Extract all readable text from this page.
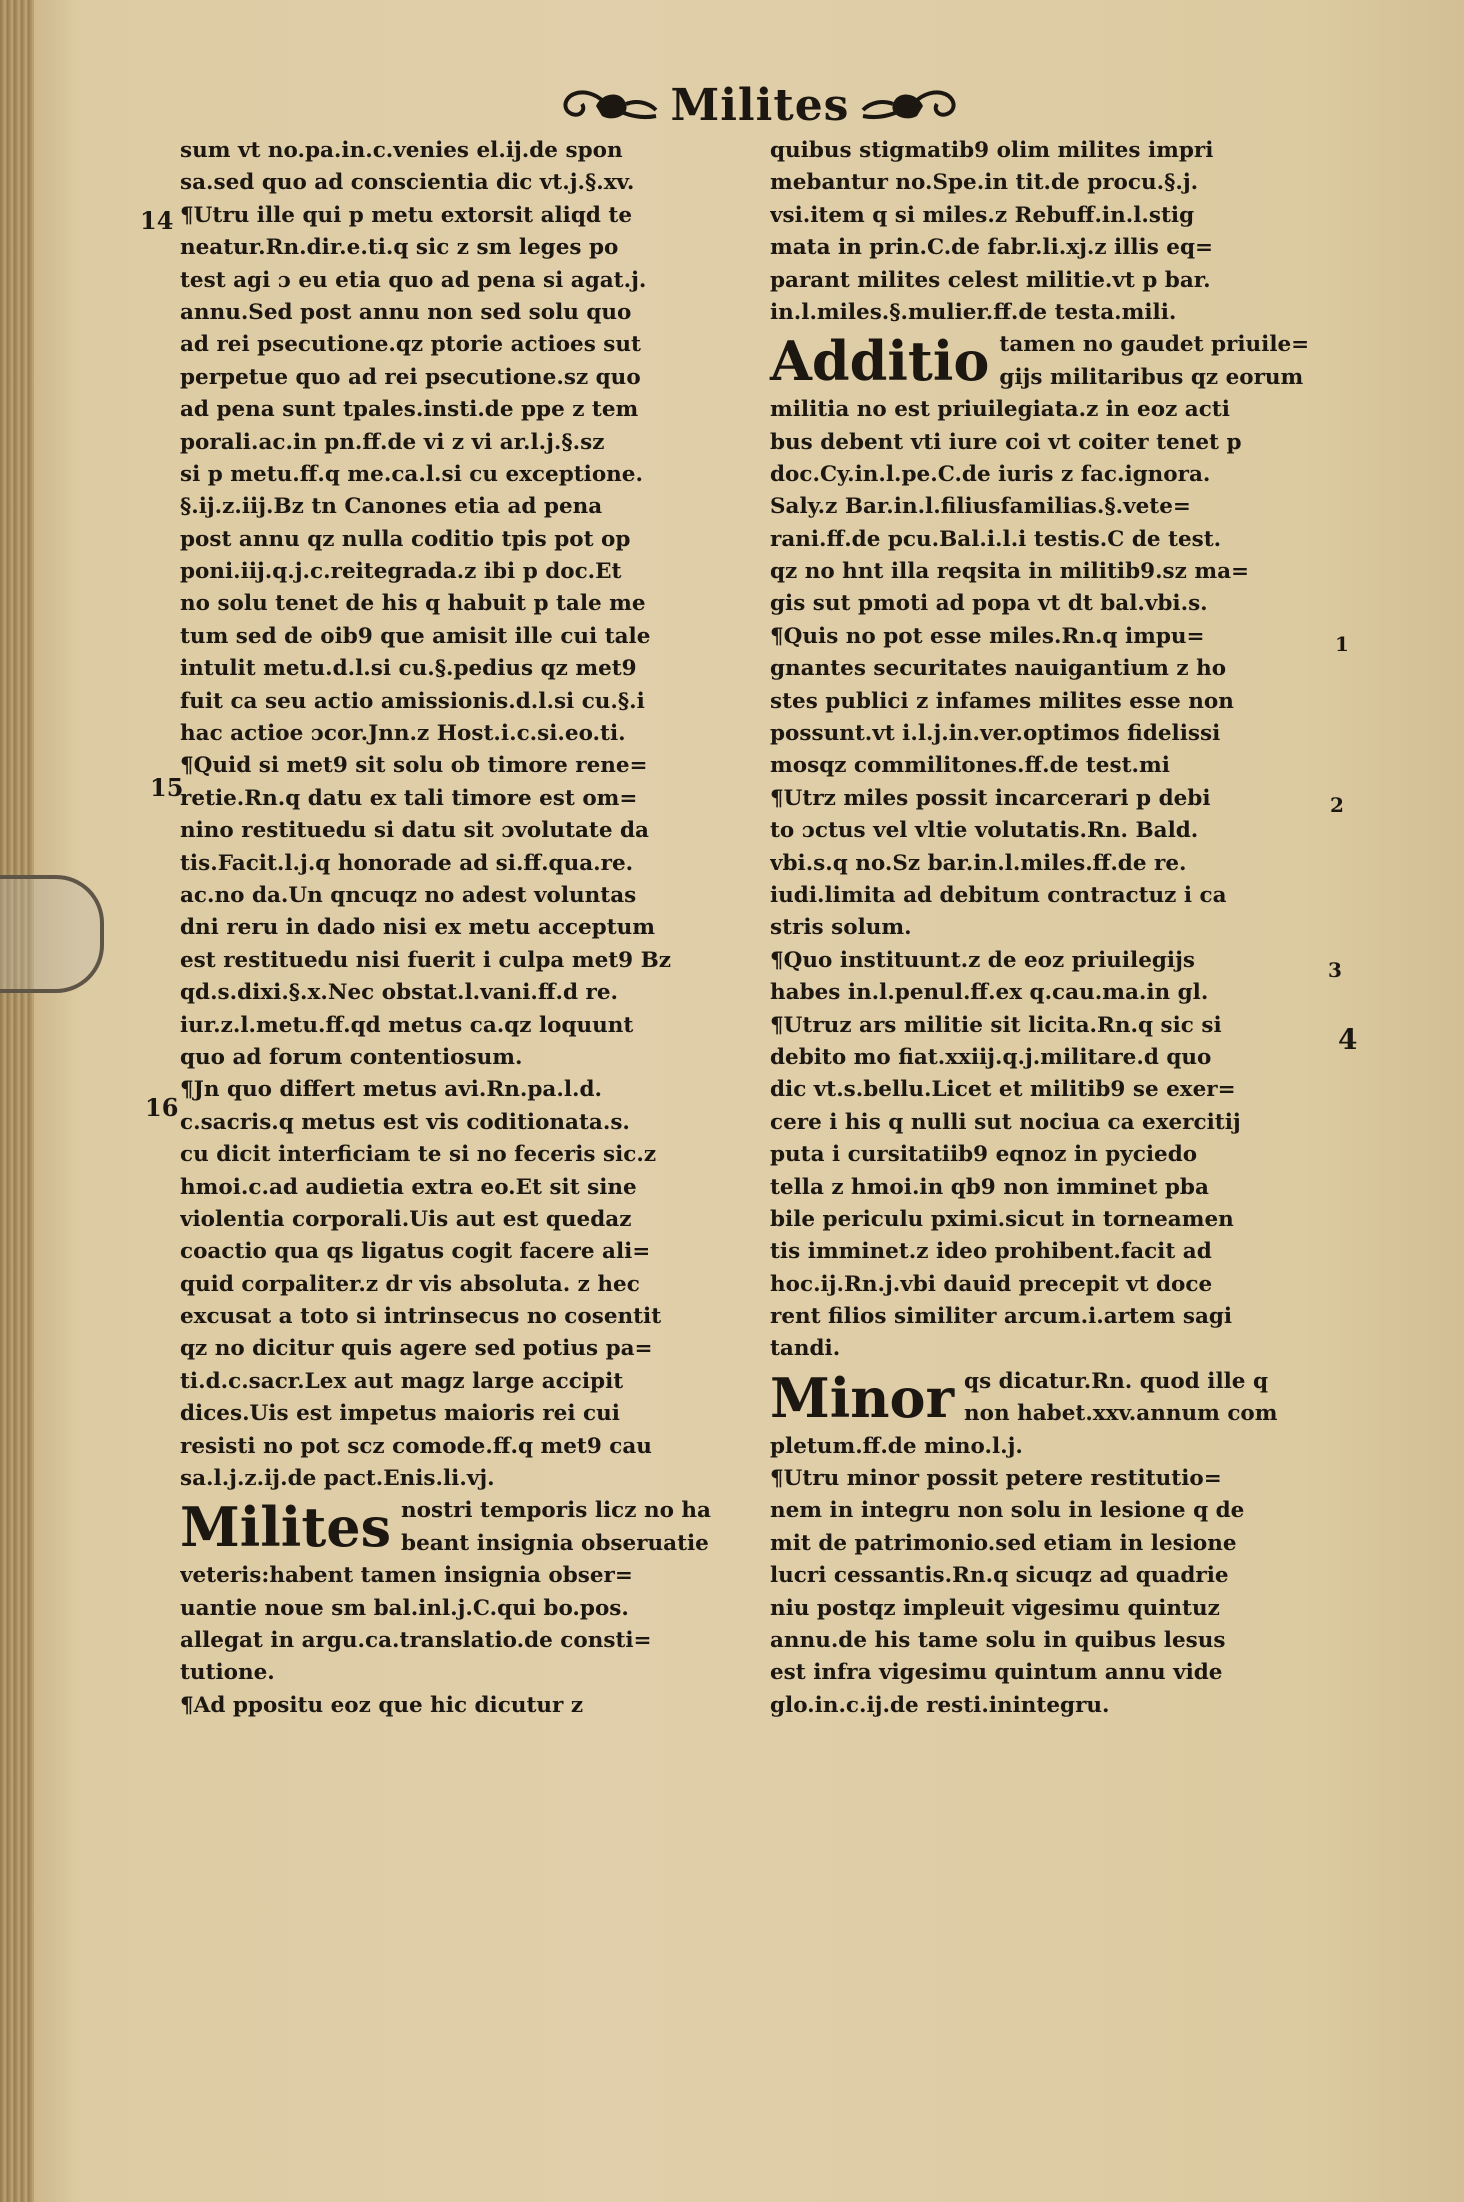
Milites
14
15
16
1
2
3
4
sum vt no.pa.in.c.venies el.ij.de spon
sa.sed quo ad conscientia dic vt.j.§.xv.
¶Utru ille qui p metu extorsit aliqd te
neatur.Rn.dir.e.ti.q sic z sm leges po
test agi ɔ eu etia quo ad pena si agat.j.
annu.Sed post annu non sed solu quo
ad rei psecutione.qz ptorie actioes sut
perpetue quo ad rei psecutione.sz quo
ad pena sunt tpales.insti.de ppe z tem
porali.ac.in pn.ff.de vi z vi ar.l.j.§.sz
si p metu.ff.q me.ca.l.si cu exceptione.
§.ij.z.iij.Bz tn Canones etia ad pena
post annu qz nulla coditio tpis pot op
poni.iij.q.j.c.reitegrada.z ibi p doc.Et
no solu tenet de his q habuit p tale me
tum sed de oib9 que amisit ille cui tale
intulit metu.d.l.si cu.§.pedius qz met9
fuit ca seu actio amissionis.d.l.si cu.§.i
hac actioe ɔcor.Jnn.z Host.i.c.si.eo.ti.
¶Quid si met9 sit solu ob timore rene=
retie.Rn.q datu ex tali timore est om=
nino restituedu si datu sit ɔvolutate da
tis.Facit.l.j.q honorade ad si.ff.qua.re.
ac.no da.Un qncuqz no adest voluntas
dni reru in dado nisi ex metu acceptum
est restituedu nisi fuerit i culpa met9 Bz
qd.s.dixi.§.x.Nec obstat.l.vani.ff.d re.
iur.z.l.metu.ff.qd metus ca.qz loquunt
quo ad forum contentiosum.
¶Jn quo differt metus avi.Rn.pa.l.d.
c.sacris.q metus est vis coditionata.s.
cu dicit interficiam te si no feceris sic.z
hmoi.c.ad audietia extra eo.Et sit sine
violentia corporali.Uis aut est quedaz
coactio qua qs ligatus cogit facere ali=
quid corpaliter.z dr vis absoluta. z hec
excusat a toto si intrinsecus no cosentit
qz no dicitur quis agere sed potius pa=
ti.d.c.sacr.Lex aut magz large accipit
dices.Uis est impetus maioris rei cui
resisti no pot scz comode.ff.q met9 cau
sa.l.j.z.ij.de pact.Enis.li.vj.
Milites nostri temporis licz no ha
beant insignia obseruatie
veteris:habent tamen insignia obser=
uantie noue sm bal.inl.j.C.qui bo.pos.
allegat in argu.ca.translatio.de consti=
tutione.
¶Ad ppositu eoz que hic dicutur z
quibus stigmatib9 olim milites impri
mebantur no.Spe.in tit.de procu.§.j.
vsi.item q si miles.z Rebuff.in.l.stig
mata in prin.C.de fabr.li.xj.z illis eq=
parant milites celest militie.vt p bar.
in.l.miles.§.mulier.ff.de testa.mili.
Additio tamen no gaudet priuile=
gijs militaribus qz eorum
militia no est priuilegiata.z in eoz acti
bus debent vti iure coi vt coiter tenet p
doc.Cy.in.l.pe.C.de iuris z fac.ignora.
Saly.z Bar.in.l.filiusfamilias.§.vete=
rani.ff.de pcu.Bal.i.l.i testis.C de test.
qz no hnt illa reqsita in militib9.sz ma=
gis sut pmoti ad popa vt dt bal.vbi.s.
¶Quis no pot esse miles.Rn.q impu=
gnantes securitates nauigantium z ho
stes publici z infames milites esse non
possunt.vt i.l.j.in.ver.optimos fidelissi
mosqz commilitones.ff.de test.mi
¶Utrz miles possit incarcerari p debi
to ɔctus vel vltie volutatis.Rn. Bald.
vbi.s.q no.Sz bar.in.l.miles.ff.de re.
iudi.limita ad debitum contractuz i ca
stris solum.
¶Quo instituunt.z de eoz priuilegijs
habes in.l.penul.ff.ex q.cau.ma.in gl.
¶Utruz ars militie sit licita.Rn.q sic si
debito mo fiat.xxiij.q.j.militare.d quo
dic vt.s.bellu.Licet et militib9 se exer=
cere i his q nulli sut nociua ca exercitij
puta i cursitatiib9 eqnoz in pyciedo
tella z hmoi.in qb9 non imminet pba
bile periculu pximi.sicut in torneamen
tis imminet.z ideo prohibent.facit ad
hoc.ij.Rn.j.vbi dauid precepit vt doce
rent filios similiter arcum.i.artem sagi
tandi.
Minor qs dicatur.Rn. quod ille q
non habet.xxv.annum com
pletum.ff.de mino.l.j.
¶Utru minor possit petere restitutio=
nem in integru non solu in lesione q de
mit de patrimonio.sed etiam in lesione
lucri cessantis.Rn.q sicuqz ad quadrie
niu postqz impleuit vigesimu quintuz
annu.de his tame solu in quibus lesus
est infra vigesimu quintum annu vide
glo.in.c.ij.de resti.inintegru.
